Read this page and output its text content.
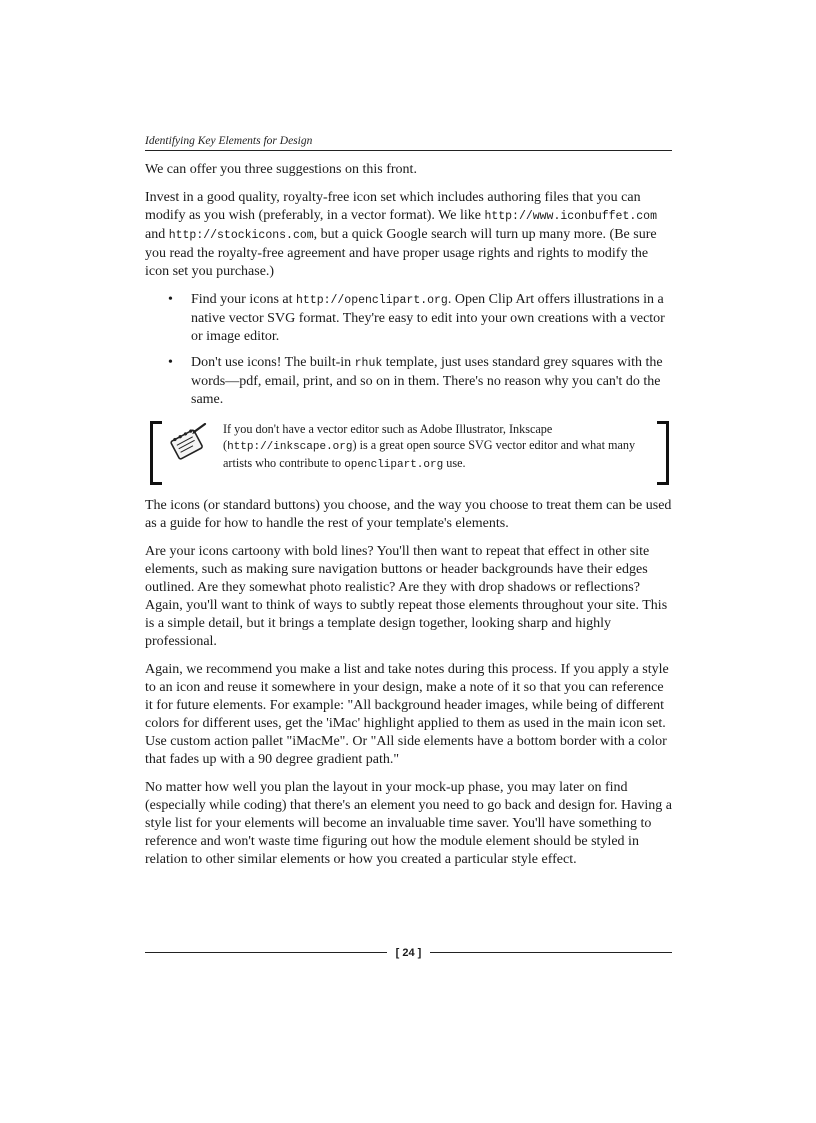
Identifying Key Elements for Design

We can offer you three suggestions on this front.

Invest in a good quality, royalty-free icon set which includes authoring files that you can modify as you wish (preferably, in a vector format). We like http://www.iconbuffet.com and http://stockicons.com, but a quick Google search will turn up many more. (Be sure you read the royalty-free agreement and have proper usage rights and rights to modify the icon set you purchase.)

• Find your icons at http://openclipart.org. Open Clip Art offers illustrations in a native vector SVG format. They're easy to edit into your own creations with a vector or image editor.
• Don't use icons! The built-in rhuk template, just uses standard grey squares with the words—pdf, email, print, and so on in them. There's no reason why you can't do the same.
If you don't have a vector editor such as Adobe Illustrator, Inkscape (http://inkscape.org) is a great open source SVG vector editor and what many artists who contribute to openclipart.org use.

The icons (or standard buttons) you choose, and the way you choose to treat them can be used as a guide for how to handle the rest of your template's elements.

Are your icons cartoony with bold lines? You'll then want to repeat that effect in other site elements, such as making sure navigation buttons or header backgrounds have their edges outlined. Are they somewhat photo realistic? Are they with drop shadows or reflections? Again, you'll want to think of ways to subtly repeat those elements throughout your site. This is a simple detail, but it brings a template design together, looking sharp and highly professional.

Again, we recommend you make a list and take notes during this process. If you apply a style to an icon and reuse it somewhere in your design, make a note of it so that you can reference it for future elements. For example: "All background header images, while being of different colors for different uses, get the 'iMac' highlight applied to them as used in the main icon set. Use custom action pallet "iMacMe". Or "All side elements have a bottom border with a color that fades up with a 90 degree gradient path."

No matter how well you plan the layout in your mock-up phase, you may later on find (especially while coding) that there's an element you need to go back and design for. Having a style list for your elements will become an invaluable time saver. You'll have something to reference and won't waste time figuring out how the module element should be styled in relation to other similar elements or how you created a particular style effect.

[ 24 ]
